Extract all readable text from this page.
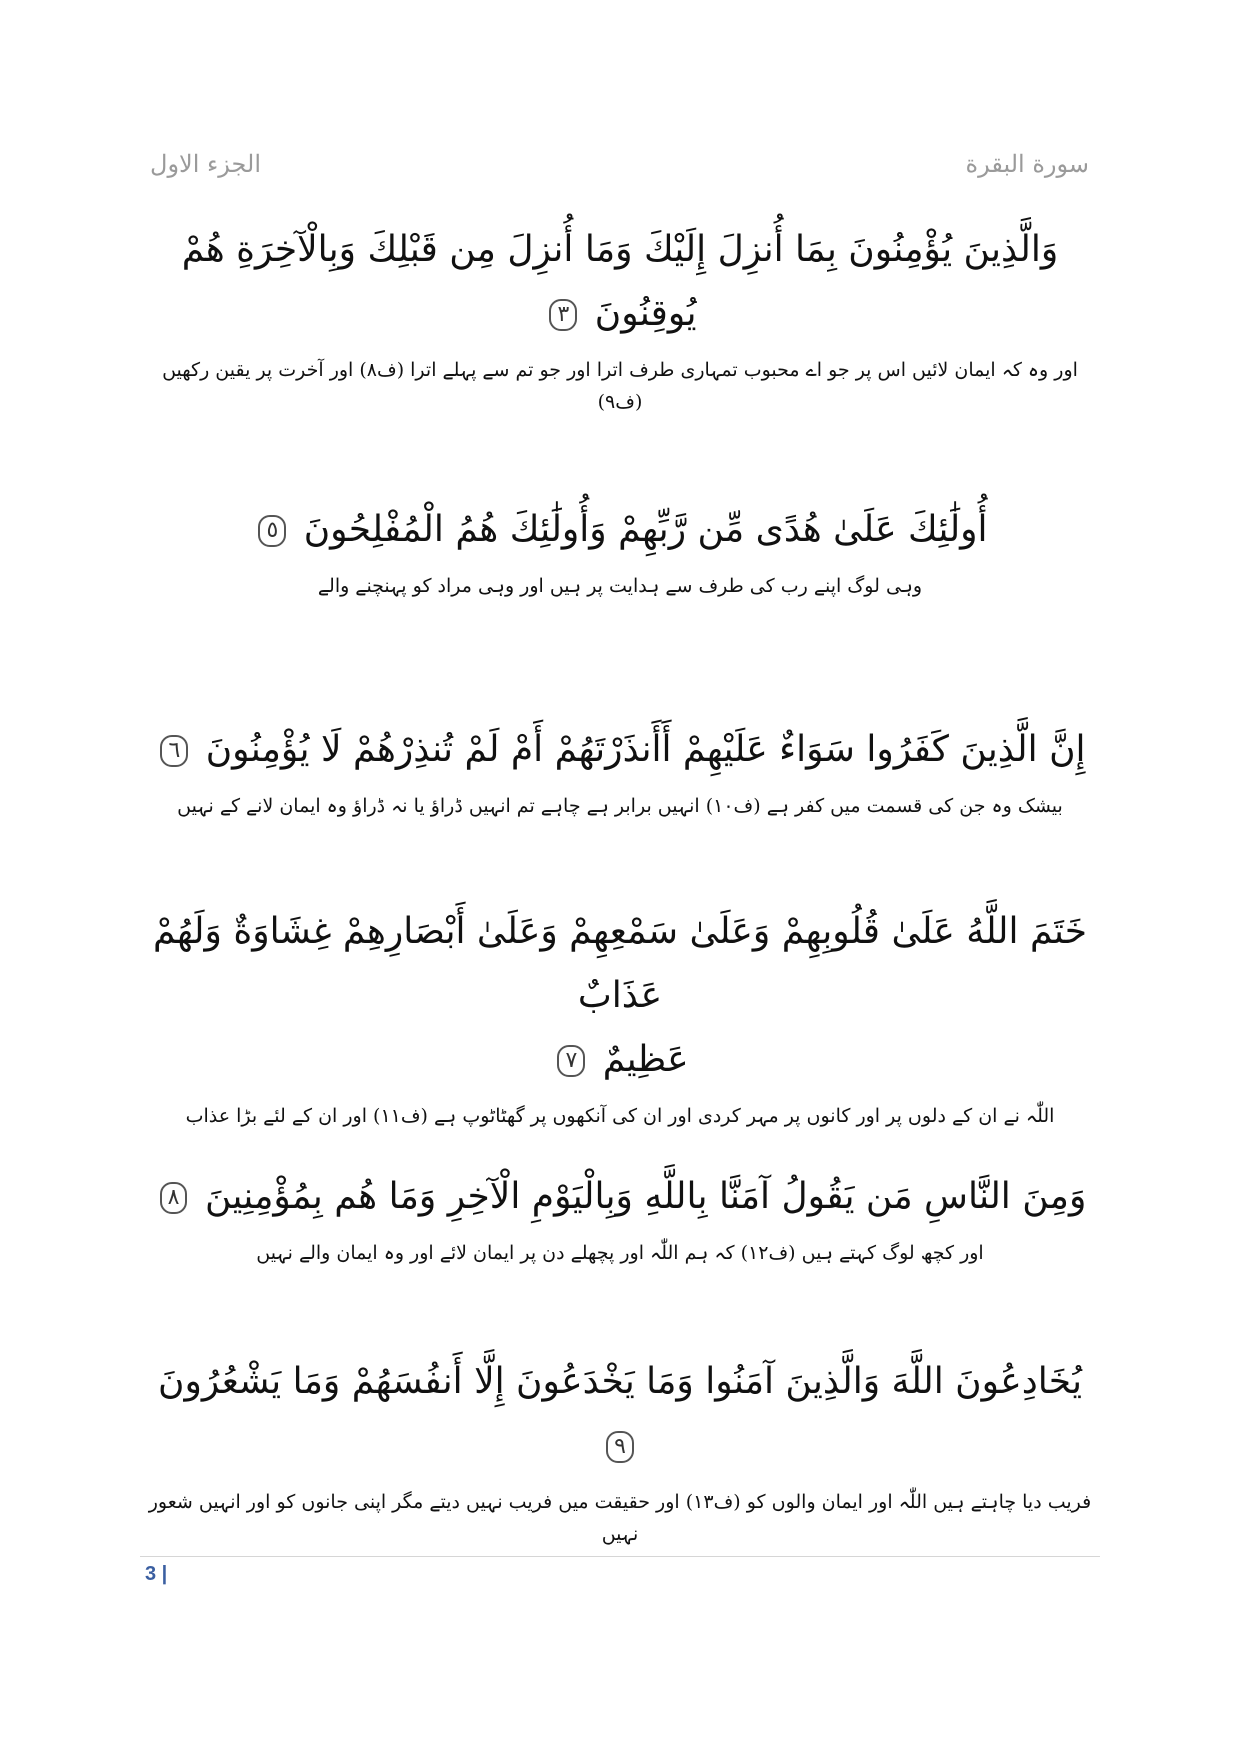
الجزء الاول	سورة البقرة
وَالَّذِينَ يُؤْمِنُونَ بِمَا أُنزِلَ إِلَيْكَ وَمَا أُنزِلَ مِن قَبْلِكَ وَبِالْآخِرَةِ هُمْ
يُوقِنُونَ ٣
اور وہ کہ ایمان لائیں اس پر جو اے محبوب تمہاری طرف اترا اور جو تم سے پہلے اترا (ف۸) اور آخرت پر یقین رکھیں (ف۹)
أُولَٰئِكَ عَلَىٰ هُدًى مِّن رَّبِّهِمْ وَأُولَٰئِكَ هُمُ الْمُفْلِحُونَ ٥
وہی لوگ اپنے رب کی طرف سے ہدایت پر ہیں اور وہی مراد کو پہنچنے والے
إِنَّ الَّذِينَ كَفَرُوا سَوَاءٌ عَلَيْهِمْ أَأَنذَرْتَهُمْ أَمْ لَمْ تُنذِرْهُمْ لَا يُؤْمِنُونَ ٦
بیشک وہ جن کی قسمت میں کفر ہے (ف۱۰) انہیں برابر ہے چاہے تم انہیں ڈراؤ یا نہ ڈراؤ وہ ایمان لانے کے نہیں
خَتَمَ اللَّهُ عَلَىٰ قُلُوبِهِمْ وَعَلَىٰ سَمْعِهِمْ وَعَلَىٰ أَبْصَارِهِمْ غِشَاوَةٌ وَلَهُمْ عَذَابٌ
عَظِيمٌ ٧
اللّٰہ نے ان کے دلوں پر اور کانوں پر مہر کردی اور ان کی آنکھوں پر گھٹاٹوپ ہے (ف۱۱) اور ان کے لئے بڑا عذاب
وَمِنَ النَّاسِ مَن يَقُولُ آمَنَّا بِاللَّهِ وَبِالْيَوْمِ الْآخِرِ وَمَا هُم بِمُؤْمِنِينَ ٨
اور کچھ لوگ کہتے ہیں (ف۱۲) کہ ہم اللّٰہ اور پچھلے دن پر ایمان لائے اور وہ ایمان والے نہیں
يُخَادِعُونَ اللَّهَ وَالَّذِينَ آمَنُوا وَمَا يَخْدَعُونَ إِلَّا أَنفُسَهُمْ وَمَا يَشْعُرُونَ ٩
فریب دیا چاہتے ہیں اللّٰہ اور ایمان والوں کو (ف۱۳) اور حقیقت میں فریب نہیں دیتے مگر اپنی جانوں کو اور انہیں شعور نہیں
3 |
